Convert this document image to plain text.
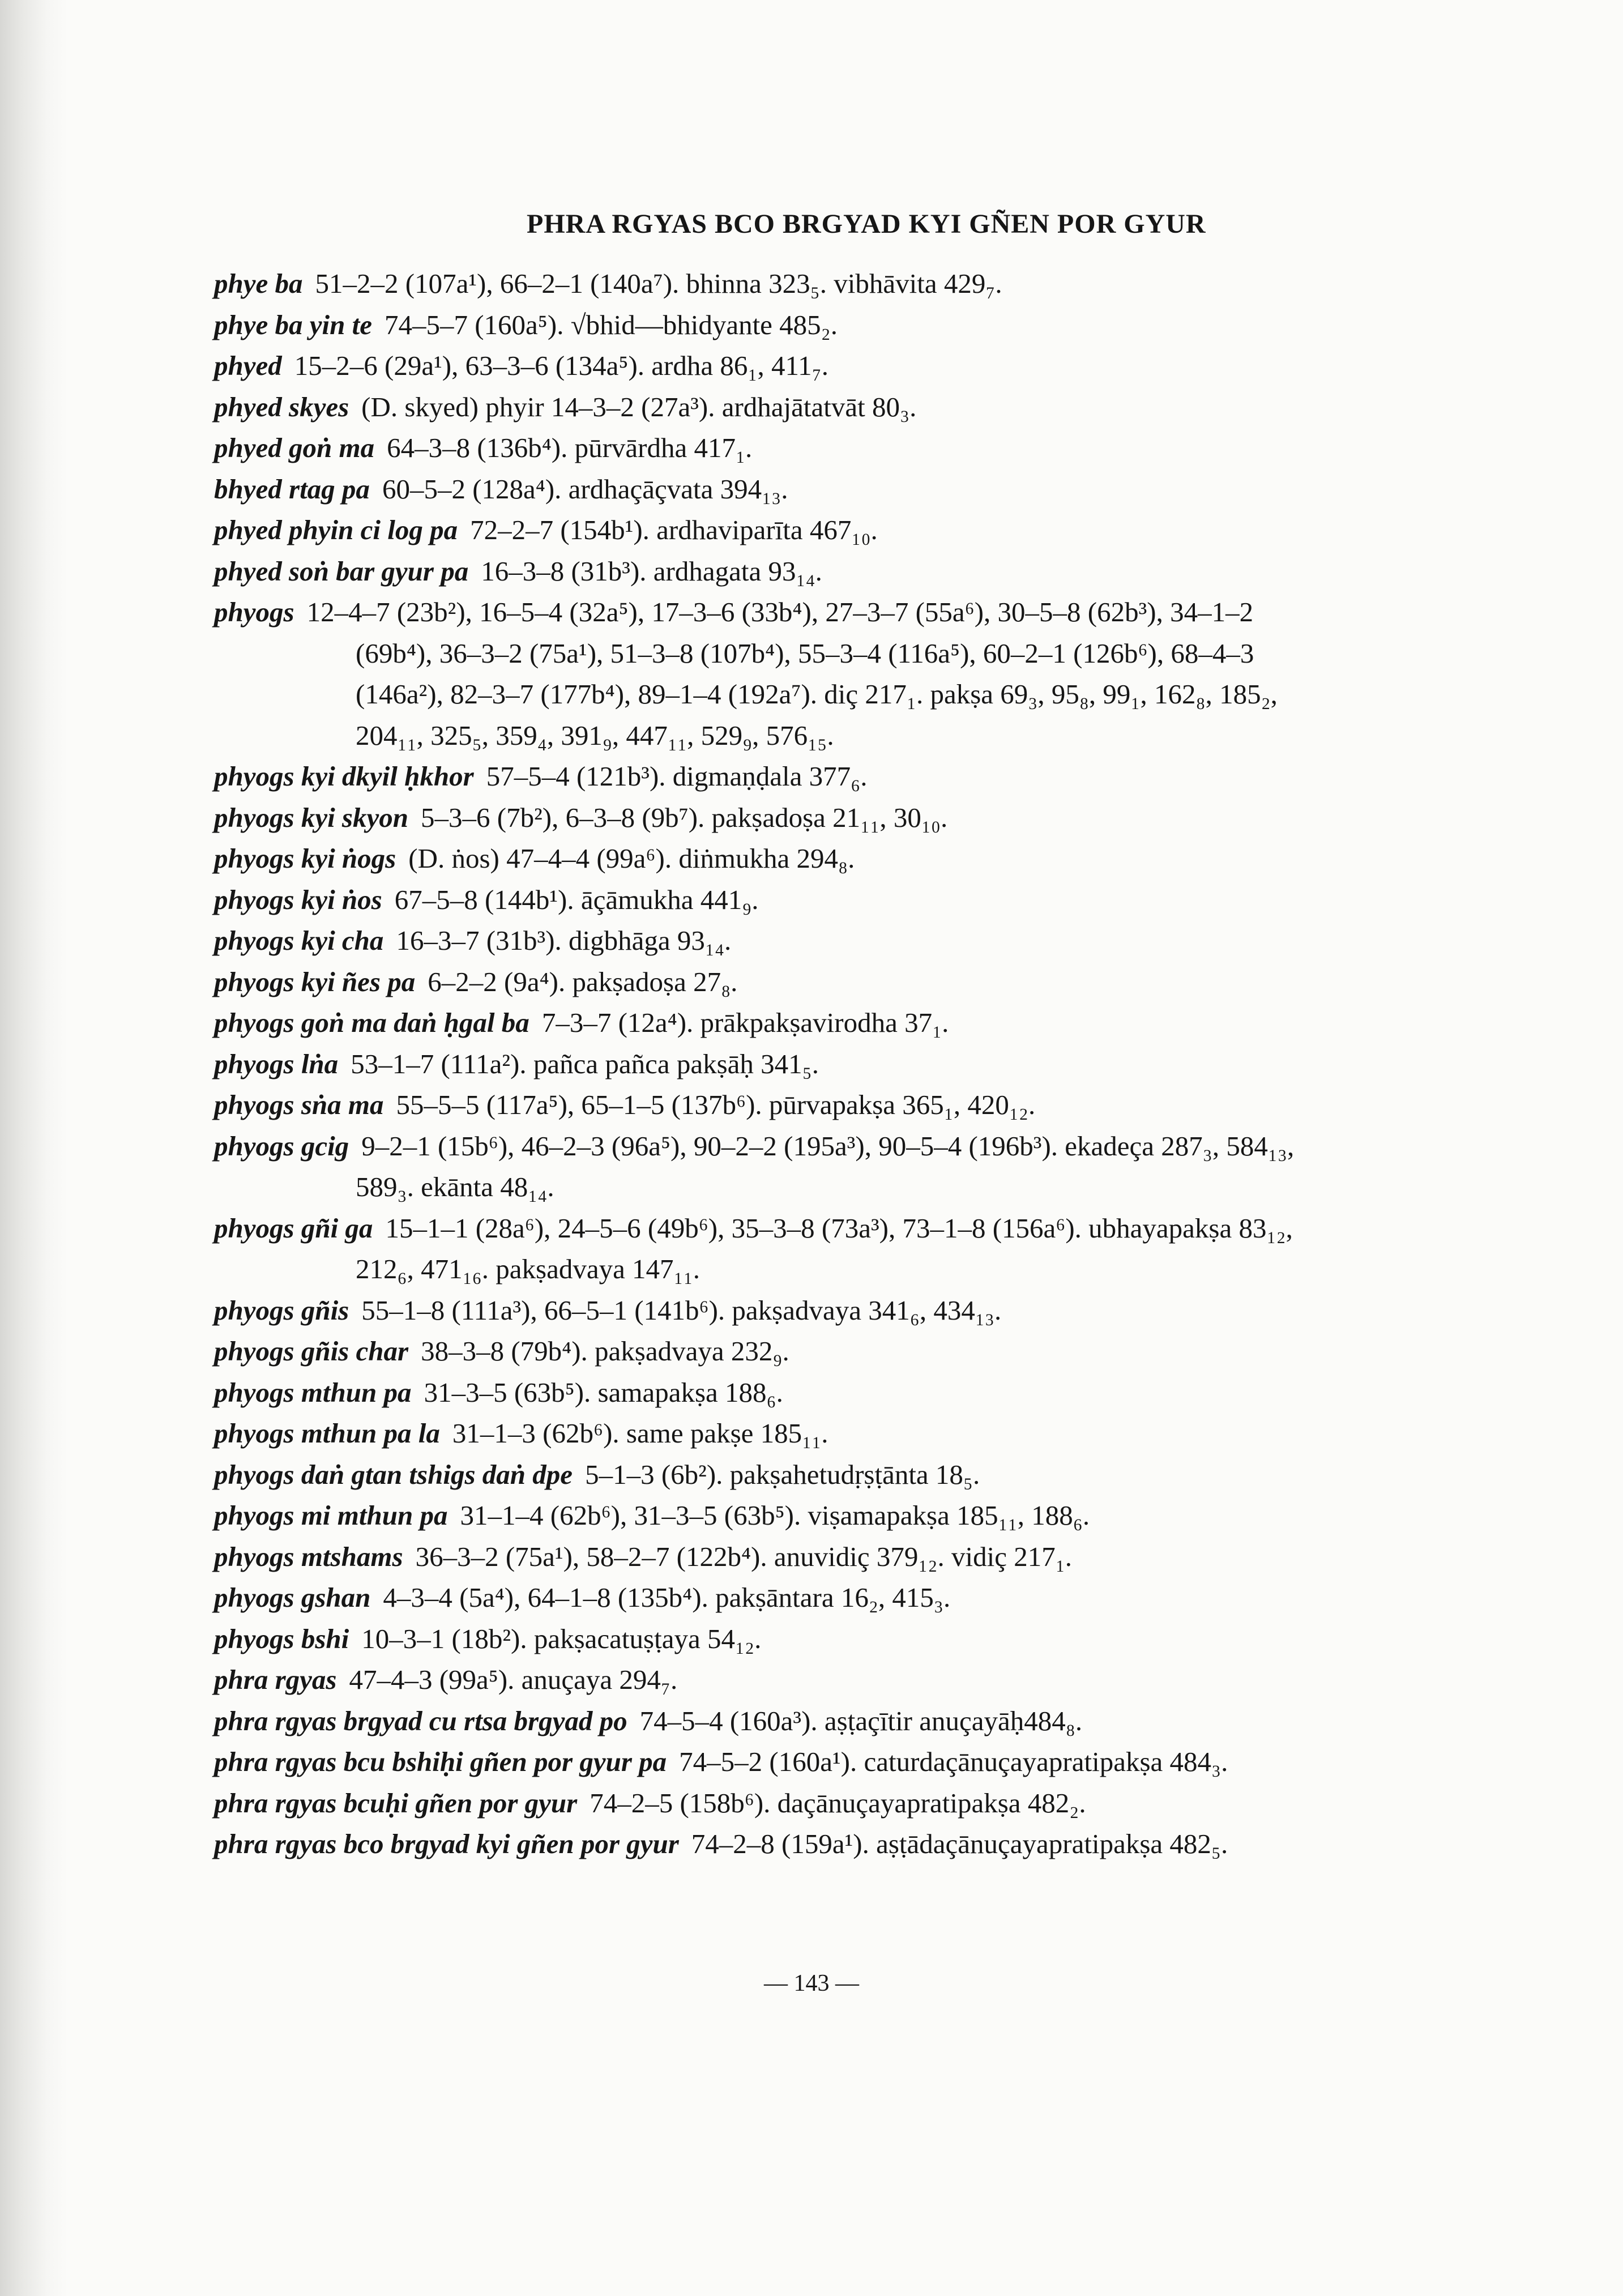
PHRA RGYAS BCO BRGYAD KYI GÑEN POR GYUR
phye ba 51–2–2 (107a¹), 66–2–1 (140a⁷). bhinna 323₅. vibhāvita 429₇.
phye ba yin te 74–5–7 (160a⁵). √bhid—bhidyante 485₂.
phyed 15–2–6 (29a¹), 63–3–6 (134a⁵). ardha 86₁, 411₇.
phyed skyes (D. skyed) phyir 14–3–2 (27a³). ardhajātatvāt 80₃.
phyed goṅ ma 64–3–8 (136b⁴). pūrvārdha 417₁.
bhyed rtag pa 60–5–2 (128a⁴). ardhaçāçvata 394₁₃.
phyed phyin ci log pa 72–2–7 (154b¹). ardhaviparīta 467₁₀.
phyed soṅ bar gyur pa 16–3–8 (31b³). ardhagata 93₁₄.
phyogs 12–4–7 (23b²), 16–5–4 (32a⁵), 17–3–6 (33b⁴), 27–3–7 (55a⁶), 30–5–8 (62b³), 34–1–2 (69b⁴), 36–3–2 (75a¹), 51–3–8 (107b⁴), 55–3–4 (116a⁵), 60–2–1 (126b⁶), 68–4–3 (146a²), 82–3–7 (177b⁴), 89–1–4 (192a⁷). diç 217₁. pakṣa 69₃, 95₈, 99₁, 162₈, 185₂, 204₁₁, 325₅, 359₄, 391₉, 447₁₁, 529₉, 576₁₅.
phyogs kyi dkyil ḥkhor 57–5–4 (121b³). digmaṇḍala 377₆.
phyogs kyi skyon 5–3–6 (7b²), 6–3–8 (9b⁷). pakṣadoṣa 21₁₁, 30₁₀.
phyogs kyi ṅogs (D. ṅos) 47–4–4 (99a⁶). diṅmukha 294₈.
phyogs kyi ṅos 67–5–8 (144b¹). āçāmukha 441₉.
phyogs kyi cha 16–3–7 (31b³). digbhāga 93₁₄.
phyogs kyi ñes pa 6–2–2 (9a⁴). pakṣadoṣa 27₈.
phyogs goṅ ma daṅ ḥgal ba 7–3–7 (12a⁴). prākpakṣavirodha 37₁.
phyogs lṅa 53–1–7 (111a²). pañca pañca pakṣāḥ 341₅.
phyogs sṅa ma 55–5–5 (117a⁵), 65–1–5 (137b⁶). pūrvapakṣa 365₁, 420₁₂.
phyogs gcig 9–2–1 (15b⁶), 46–2–3 (96a⁵), 90–2–2 (195a³), 90–5–4 (196b³). ekadeça 287₃, 584₁₃, 589₃. ekānta 48₁₄.
phyogs gñi ga 15–1–1 (28a⁶), 24–5–6 (49b⁶), 35–3–8 (73a³), 73–1–8 (156a⁶). ubhayapakṣa 83₁₂, 212₆, 471₁₆. pakṣadvaya 147₁₁.
phyogs gñis 55–1–8 (111a³), 66–5–1 (141b⁶). pakṣadvaya 341₆, 434₁₃.
phyogs gñis char 38–3–8 (79b⁴). pakṣadvaya 232₉.
phyogs mthun pa 31–3–5 (63b⁵). samapakṣa 188₆.
phyogs mthun pa la 31–1–3 (62b⁶). same pakṣe 185₁₁.
phyogs daṅ gtan tshigs daṅ dpe 5–1–3 (6b²). pakṣahetudṛṣṭānta 18₅.
phyogs mi mthun pa 31–1–4 (62b⁶), 31–3–5 (63b⁵). viṣamapakṣa 185₁₁, 188₆.
phyogs mtshams 36–3–2 (75a¹), 58–2–7 (122b⁴). anuvidiç 379₁₂. vidiç 217₁.
phyogs gshan 4–3–4 (5a⁴), 64–1–8 (135b⁴). pakṣāntara 16₂, 415₃.
phyogs bshi 10–3–1 (18b²). pakṣacatuṣṭaya 54₁₂.
phra rgyas 47–4–3 (99a⁵). anuçaya 294₇.
phra rgyas brgyad cu rtsa brgyad po 74–5–4 (160a³). aṣṭaçītir anuçayāḥ484₈.
phra rgyas bcu bshiḥi gñen por gyur pa 74–5–2 (160a¹). caturdaçānuçayapratipakṣa 484₃.
phra rgyas bcuḥi gñen por gyur 74–2–5 (158b⁶). daçānuçayapratipakṣa 482₂.
phra rgyas bco brgyad kyi gñen por gyur 74–2–8 (159a¹). aṣṭādaçānuçayapratipakṣa 482₅.
— 143 —
